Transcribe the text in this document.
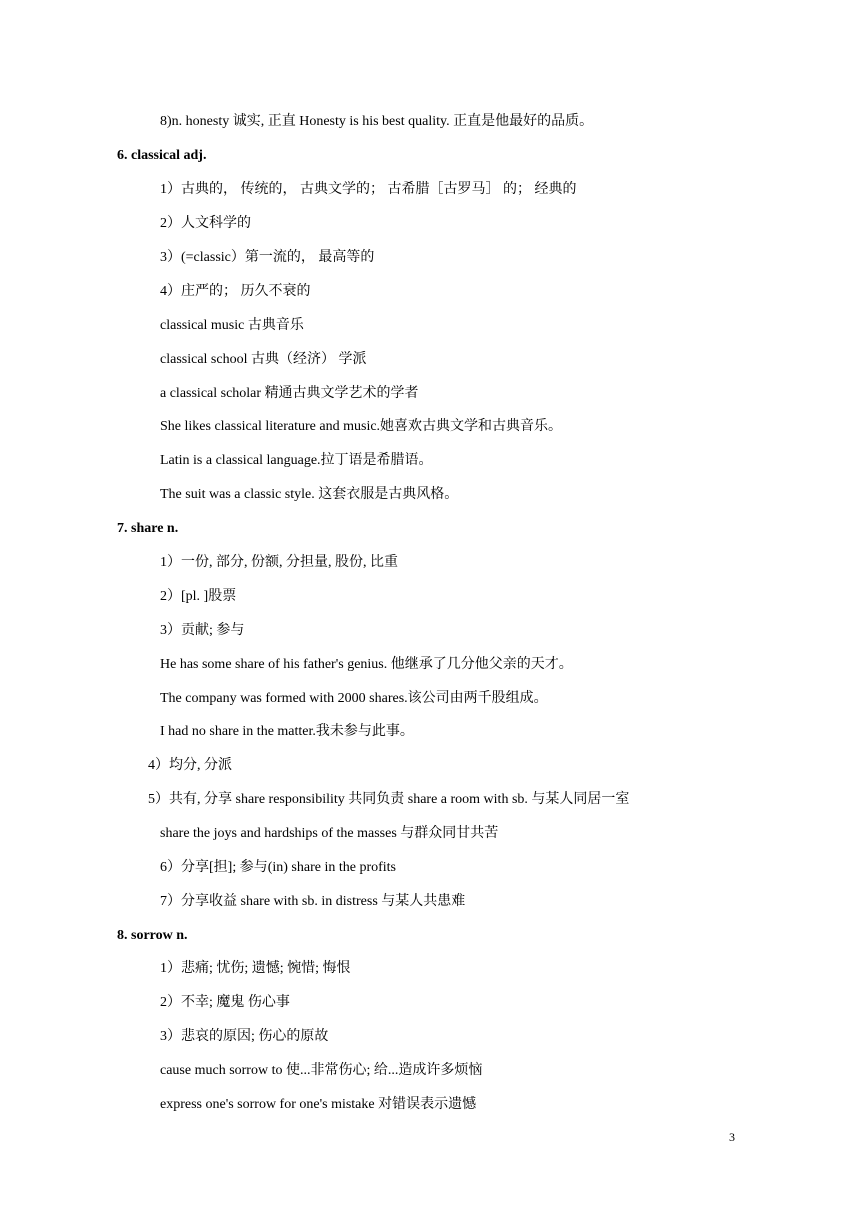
8)n. honesty 诚实, 正直 Honesty is his best quality. 正直是他最好的品质。
6. classical adj.
1）古典的， 传统的， 古典文学的； 古希腊［古罗马］ 的； 经典的
2）人文科学的
3）(=classic）第一流的， 最高等的
4）庄严的； 历久不衰的
classical music 古典音乐
classical school 古典（经济） 学派
a classical scholar 精通古典文学艺术的学者
She likes classical literature and music.她喜欢古典文学和古典音乐。
Latin is a classical language.拉丁语是希腊语。
The suit was a classic style. 这套衣服是古典风格。
7. share n.
1）一份, 部分, 份额, 分担量, 股份, 比重
2）[pl. ]股票
3）贡献; 参与
He has some share of his father's genius. 他继承了几分他父亲的天才。
The company was formed with 2000 shares.该公司由两千股组成。
I had no share in the matter.我未参与此事。
4）均分, 分派
5）共有, 分享 share responsibility 共同负责 share a room with sb. 与某人同居一室
share the joys and hardships of the masses 与群众同甘共苦
6）分享[担]; 参与(in) share in the profits
7）分享收益 share with sb. in distress 与某人共患难
8. sorrow n.
1）悲痛; 忧伤; 遗憾; 惋惜; 悔恨
2）不幸; 魔鬼 伤心事
3）悲哀的原因; 伤心的原故
cause much sorrow to 使...非常伤心; 给...造成许多烦恼
express one's sorrow for one's mistake 对错误表示遗憾
3
